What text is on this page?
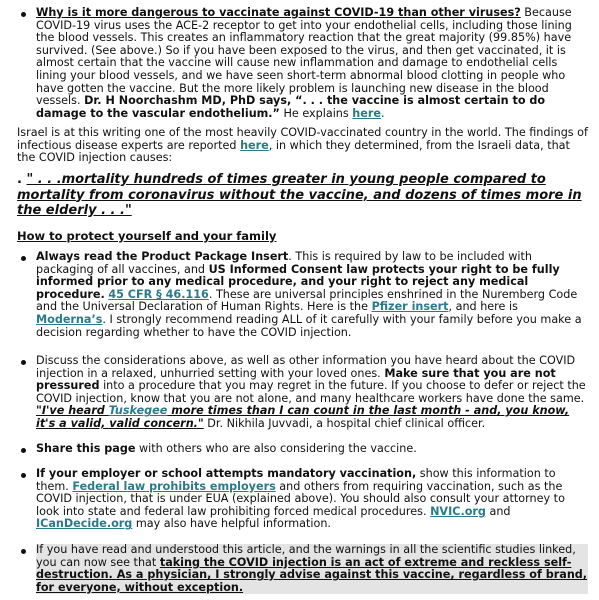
Why is it more dangerous to vaccinate against COVID-19 than other viruses? Because COVID-19 virus uses the ACE-2 receptor to get into your endothelial cells, including those lining the blood vessels. This creates an inflammatory reaction that the great majority (99.85%) have survived. (See above.) So if you have been exposed to the virus, and then get vaccinated, it is almost certain that the vaccine will cause new inflammation and damage to endothelial cells lining your blood vessels, and we have seen short-term abnormal blood clotting in people who have gotten the vaccine. But the more likely problem is launching new disease in the blood vessels. Dr. H Noorchashm MD, PhD says, “. . . the vaccine is almost certain to do damage to the vascular endothelium.” He explains here.

Israel is at this writing one of the most heavily COVID-vaccinated country in the world. The findings of infectious disease experts are reported here, in which they determined, from the Israeli data, that the COVID injection causes:

. " . . .mortality hundreds of times greater in young people compared to mortality from coronavirus without the vaccine, and dozens of times more in the elderly . . ."

How to protect yourself and your family

Always read the Product Package Insert. This is required by law to be included with packaging of all vaccines, and US Informed Consent law protects your right to be fully informed prior to any medical procedure, and your right to reject any medical procedure. 45 CFR § 46.116. These are universal principles enshrined in the Nuremberg Code and the Universal Declaration of Human Rights. Here is the Pfizer insert, and here is Moderna’s. I strongly recommend reading ALL of it carefully with your family before you make a decision regarding whether to have the COVID injection.

Discuss the considerations above, as well as other information you have heard about the COVID injection in a relaxed, unhurried setting with your loved ones. Make sure that you are not pressured into a procedure that you may regret in the future. If you choose to defer or reject the COVID injection, know that you are not alone, and many healthcare workers have done the same. "I've heard Tuskegee more times than I can count in the last month - and, you know, it's a valid, valid concern." Dr. Nikhila Juvvadi, a hospital chief clinical officer.

Share this page with others who are also considering the vaccine.

If your employer or school attempts mandatory vaccination, show this information to them. Federal law prohibits employers and others from requiring vaccination, such as the COVID injection, that is under EUA (explained above). You should also consult your attorney to look into state and federal law prohibiting forced medical procedures. NVIC.org and ICanDecide.org may also have helpful information.

If you have read and understood this article, and the warnings in all the scientific studies linked, you can now see that taking the COVID injection is an act of extreme and reckless self-destruction. As a physician, I strongly advise against this vaccine, regardless of brand, for everyone, without exception.
